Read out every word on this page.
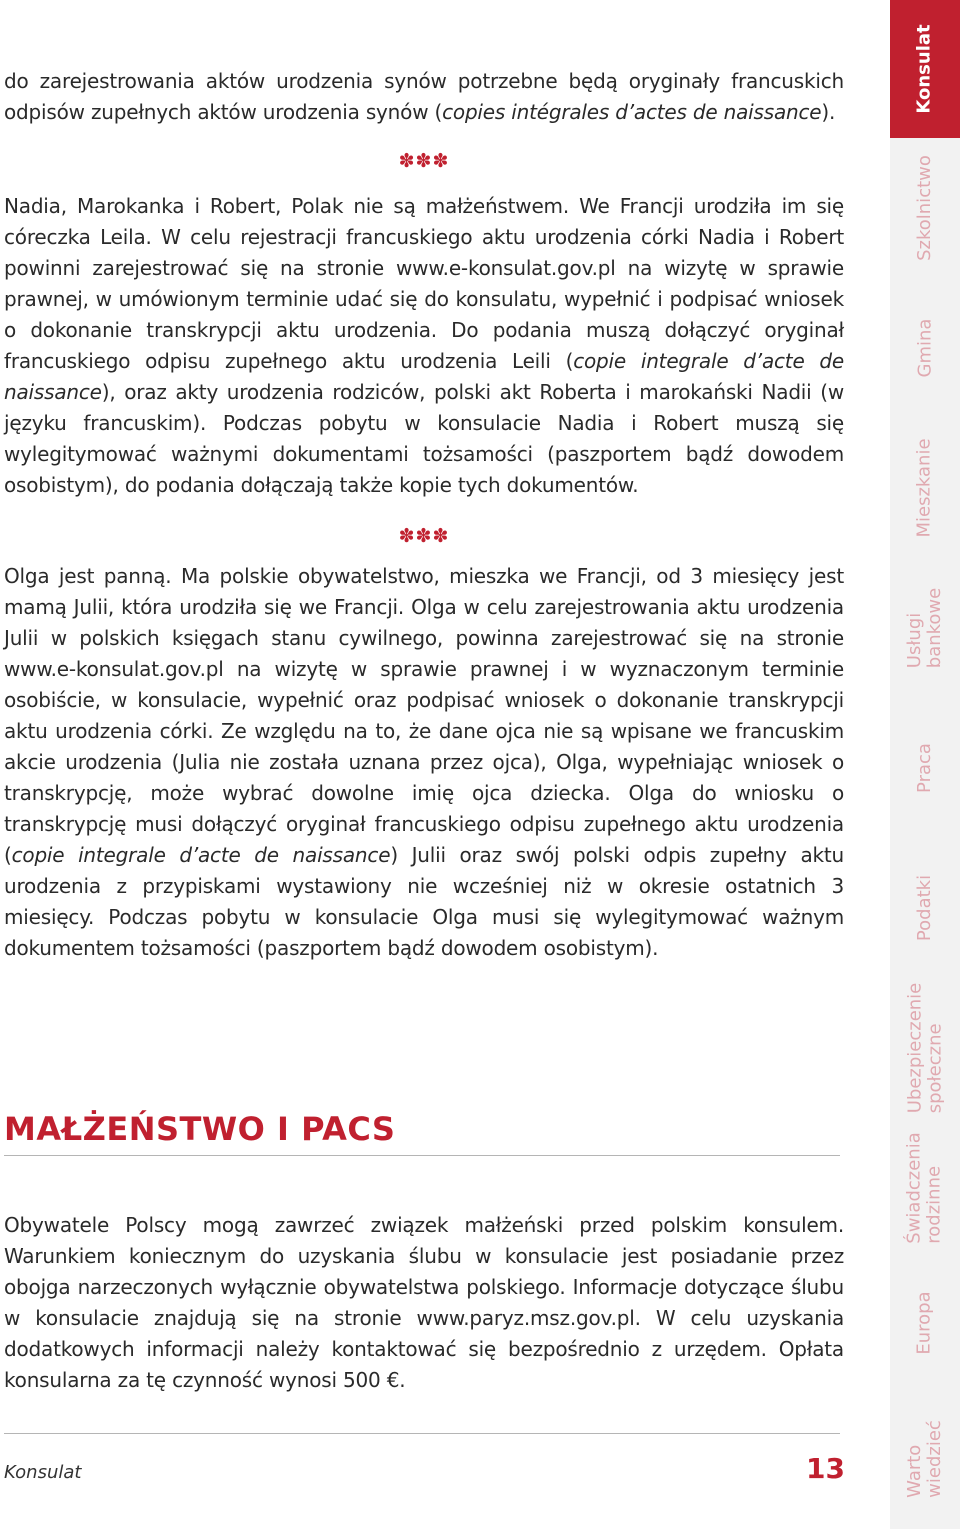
do zarejestrowania aktów urodzenia synów potrzebne będą oryginały francuskich odpisów zupełnych aktów urodzenia synów (copies intégrales d’actes de naissance).

✽✽✽

Nadia, Marokanka i Robert, Polak nie są małżeństwem. We Francji urodziła im się córeczka Leila. W celu rejestracji francuskiego aktu urodzenia córki Nadia i Robert powinni zarejestrować się na stronie www.e-konsulat.gov.pl na wizytę w sprawie prawnej, w umówionym terminie udać się do konsulatu, wypełnić i podpisać wniosek o dokonanie transkrypcji aktu urodzenia. Do podania muszą dołączyć oryginał francuskiego odpisu zupełnego aktu urodzenia Leili (copie integrale d’acte de naissance), oraz akty urodzenia rodziców, polski akt Roberta i marokański Nadii (w języku francuskim). Podczas pobytu w konsulacie Nadia i Robert muszą się wylegitymować ważnymi dokumentami tożsamości (paszportem bądź dowodem osobistym), do podania dołączają także kopie tych dokumentów.

✽✽✽

Olga jest panną. Ma polskie obywatelstwo, mieszka we Francji, od 3 miesięcy jest mamą Julii, która urodziła się we Francji. Olga w celu zarejestrowania aktu urodzenia Julii w polskich księgach stanu cywilnego, powinna zarejestrować się na stronie www.e-konsulat.gov.pl na wizytę w sprawie prawnej i w wyznaczonym terminie osobiście, w konsulacie, wypełnić oraz podpisać wniosek o dokonanie transkrypcji aktu urodzenia córki. Ze względu na to, że dane ojca nie są wpisane we francuskim akcie urodzenia (Julia nie została uznana przez ojca), Olga, wypełniając wniosek o transkrypcję, może wybrać dowolne imię ojca dziecka. Olga do wniosku o transkrypcję musi dołączyć oryginał francuskiego odpisu zupełnego aktu urodzenia (copie integrale d’acte de naissance) Julii oraz swój polski odpis zupełny aktu urodzenia z przypiskami wystawiony nie wcześniej niż w okresie ostatnich 3 miesięcy. Podczas pobytu w konsulacie Olga musi się wylegitymować ważnym dokumentem tożsamości (paszportem bądź dowodem osobistym).

MAŁŻEŃSTWO I PACS

Obywatele Polscy mogą zawrzeć związek małżeński przed polskim konsulem. Warunkiem koniecznym do uzyskania ślubu w konsulacie jest posiadanie przez obojga narzeczonych wyłącznie obywatelstwa polskiego. Informacje dotyczące ślubu w konsulacie znajdują się na stronie www.paryz.msz.gov.pl. W celu uzyskania dodatkowych informacji należy kontaktować się bezpośrednio z urzędem. Opłata konsularna za tę czynność wynosi 500 €.

Konsulat	13
Konsulat
Szkolnictwo
Gmina
Mieszkanie
Usługi
bankowe
Praca
Podatki
Ubezpieczenie
społeczne
Świadczenia
rodzinne
Europa
Warto
wiedzieć
